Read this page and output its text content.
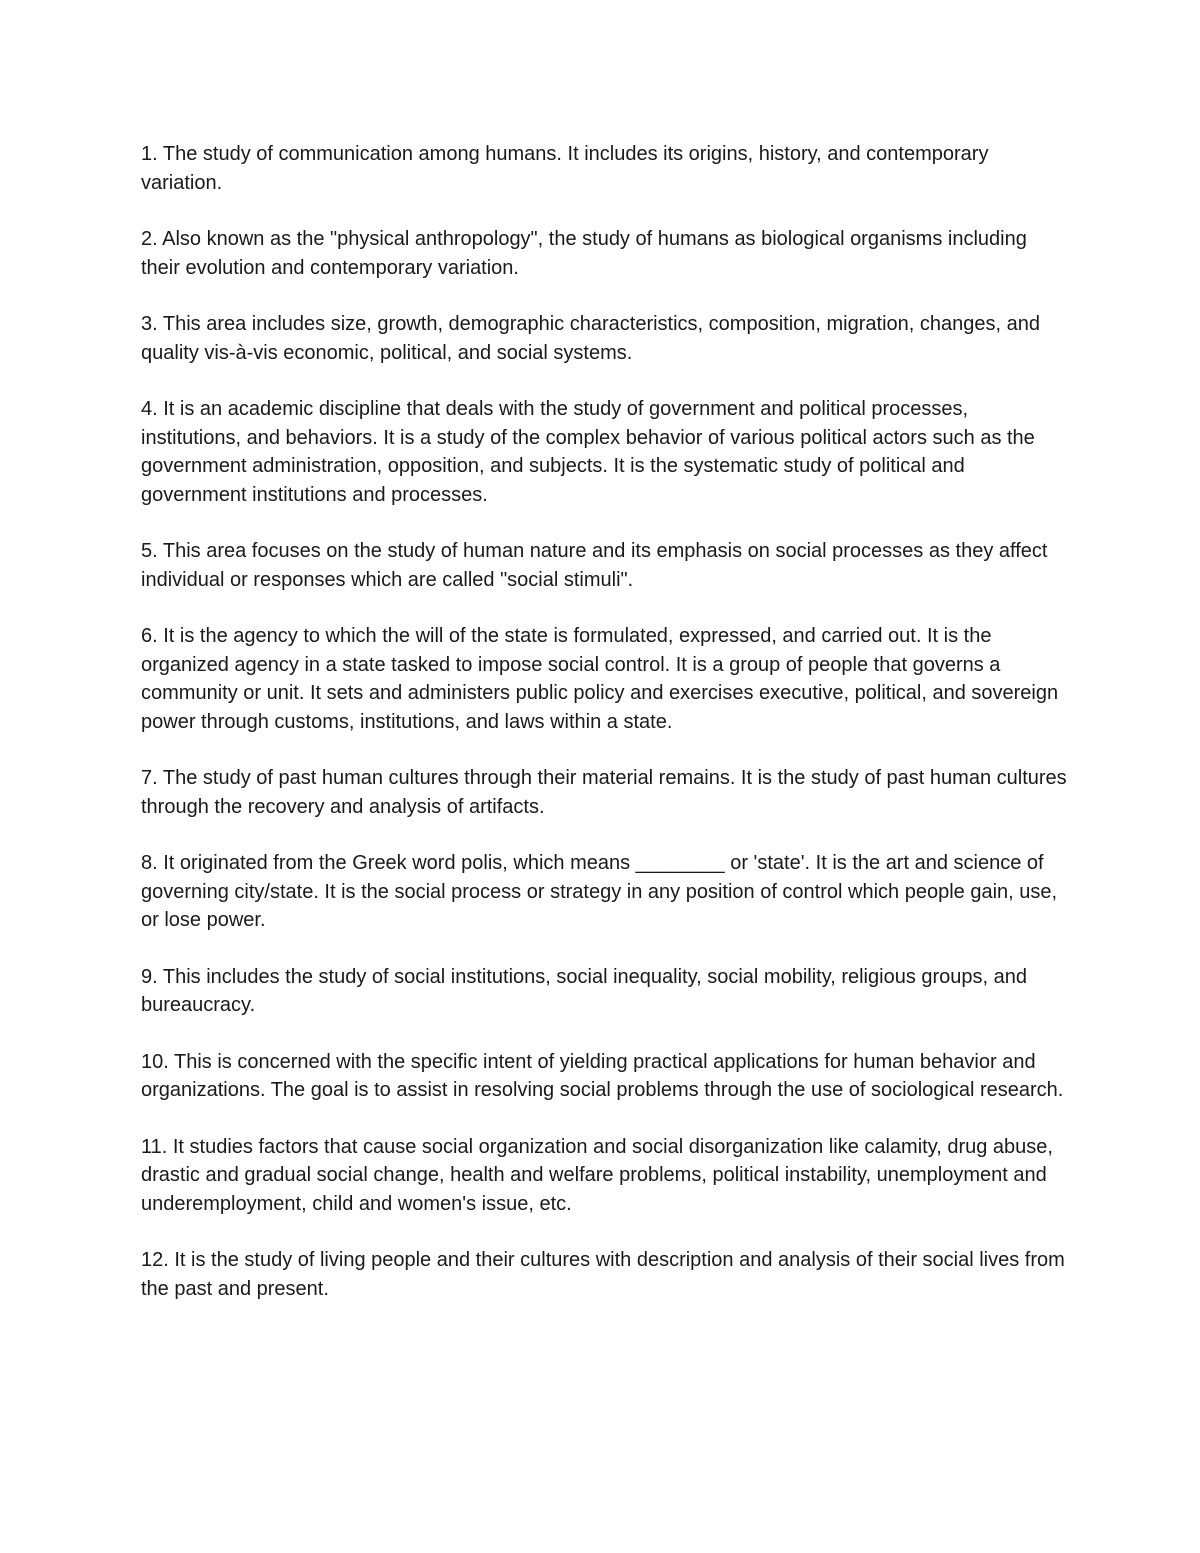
1. The study of communication among humans. It includes its origins, history, and contemporary variation.

2. Also known as the "physical anthropology", the study of humans as biological organisms including their evolution and contemporary variation.

3. This area includes size, growth, demographic characteristics, composition, migration, changes, and quality vis-à-vis economic, political, and social systems.

4. It is an academic discipline that deals with the study of government and political processes, institutions, and behaviors. It is a study of the complex behavior of various political actors such as the government administration, opposition, and subjects. It is the systematic study of political and government institutions and processes.

5. This area focuses on the study of human nature and its emphasis on social processes as they affect individual or responses which are called "social stimuli".

6. It is the agency to which the will of the state is formulated, expressed, and carried out. It is the organized agency in a state tasked to impose social control. It is a group of people that governs a community or unit. It sets and administers public policy and exercises executive, political, and sovereign power through customs, institutions, and laws within a state.

7. The study of past human cultures through their material remains. It is the study of past human cultures through the recovery and analysis of artifacts.

8. It originated from the Greek word polis, which means ________ or 'state'. It is the art and science of governing city/state. It is the social process or strategy in any position of control which people gain, use, or lose power.

9. This includes the study of social institutions, social inequality, social mobility, religious groups, and bureaucracy.

10. This is concerned with the specific intent of yielding practical applications for human behavior and organizations. The goal is to assist in resolving social problems through the use of sociological research.

11. It studies factors that cause social organization and social disorganization like calamity, drug abuse, drastic and gradual social change, health and welfare problems, political instability, unemployment and underemployment, child and women's issue, etc.

12. It is the study of living people and their cultures with description and analysis of their social lives from the past and present.
